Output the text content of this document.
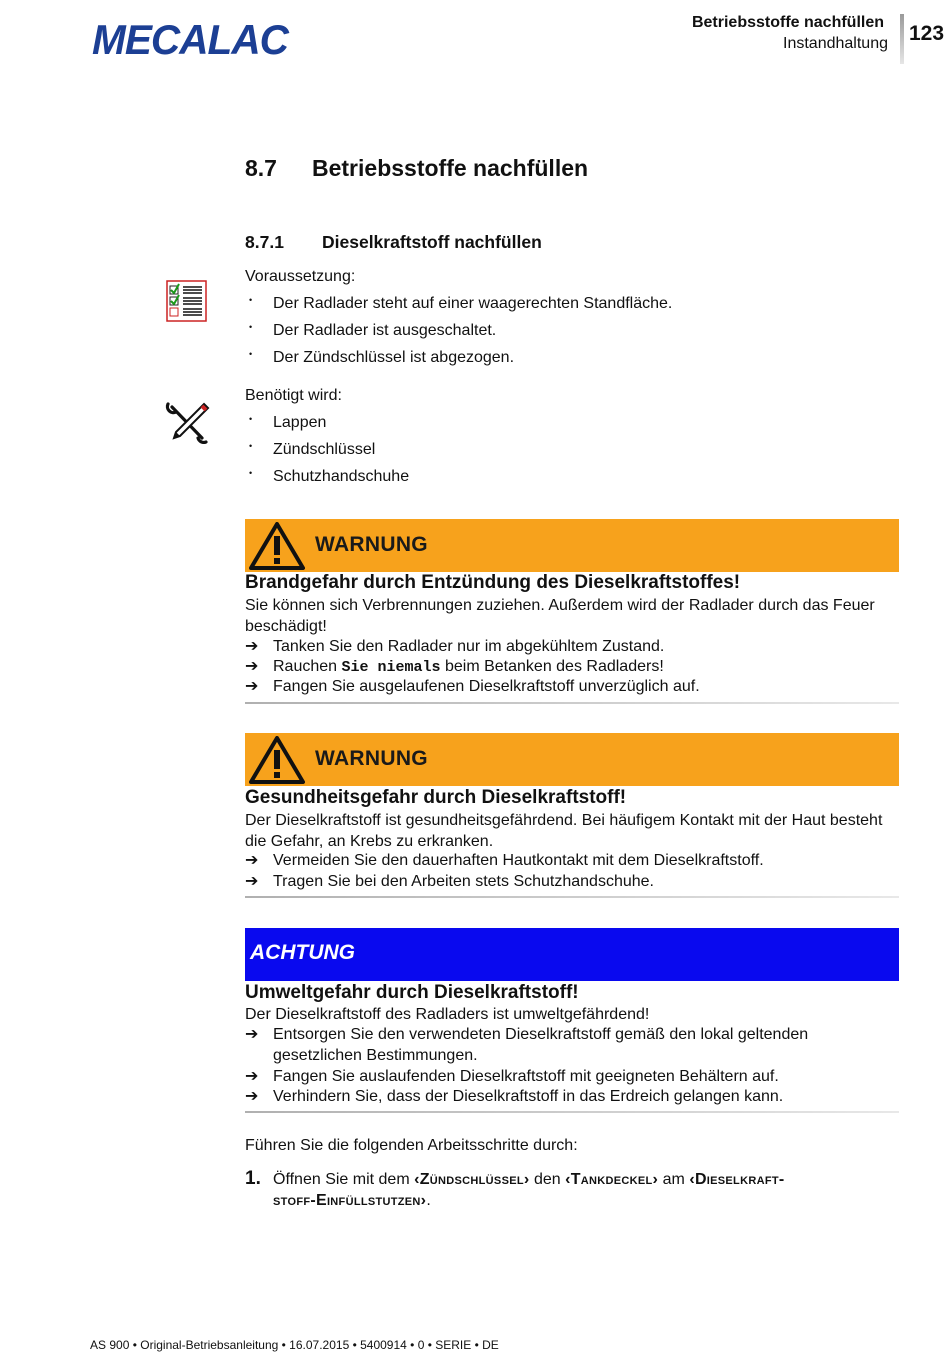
MECALAC	Betriebsstoffe nachfüllen
Instandhaltung 123
8.7 Betriebsstoffe nachfüllen
8.7.1 Dieselkraftstoff nachfüllen
Voraussetzung:
• Der Radlader steht auf einer waagerechten Standfläche.
• Der Radlader ist ausgeschaltet.
• Der Zündschlüssel ist abgezogen.
Benötigt wird:
• Lappen
• Zündschlüssel
• Schutzhandschuhe
WARNUNG
Brandgefahr durch Entzündung des Dieselkraftstoffes!
Sie können sich Verbrennungen zuziehen. Außerdem wird der Radlader durch das Feuer beschädigt!
➔ Tanken Sie den Radlader nur im abgekühltem Zustand.
➔ Rauchen Sie niemals beim Betanken des Radladers!
➔ Fangen Sie ausgelaufenen Dieselkraftstoff unverzüglich auf.
WARNUNG
Gesundheitsgefahr durch Dieselkraftstoff!
Der Dieselkraftstoff ist gesundheitsgefährdend. Bei häufigem Kontakt mit der Haut besteht die Gefahr, an Krebs zu erkranken.
➔ Vermeiden Sie den dauerhaften Hautkontakt mit dem Dieselkraftstoff.
➔ Tragen Sie bei den Arbeiten stets Schutzhandschuhe.
ACHTUNG
Umweltgefahr durch Dieselkraftstoff!
Der Dieselkraftstoff des Radladers ist umweltgefährdend!
➔ Entsorgen Sie den verwendeten Dieselkraftstoff gemäß den lokal geltenden gesetzlichen Bestimmungen.
➔ Fangen Sie auslaufenden Dieselkraftstoff mit geeigneten Behältern auf.
➔ Verhindern Sie, dass der Dieselkraftstoff in das Erdreich gelangen kann.
Führen Sie die folgenden Arbeitsschritte durch:
1. Öffnen Sie mit dem ‹Zündschlüssel› den ‹Tankdeckel› am ‹Dieselkraft-
stoff-Einfüllstutzen›.
AS 900 • Original-Betriebsanleitung • 16.07.2015 • 5400914 • 0 • SERIE • DE
